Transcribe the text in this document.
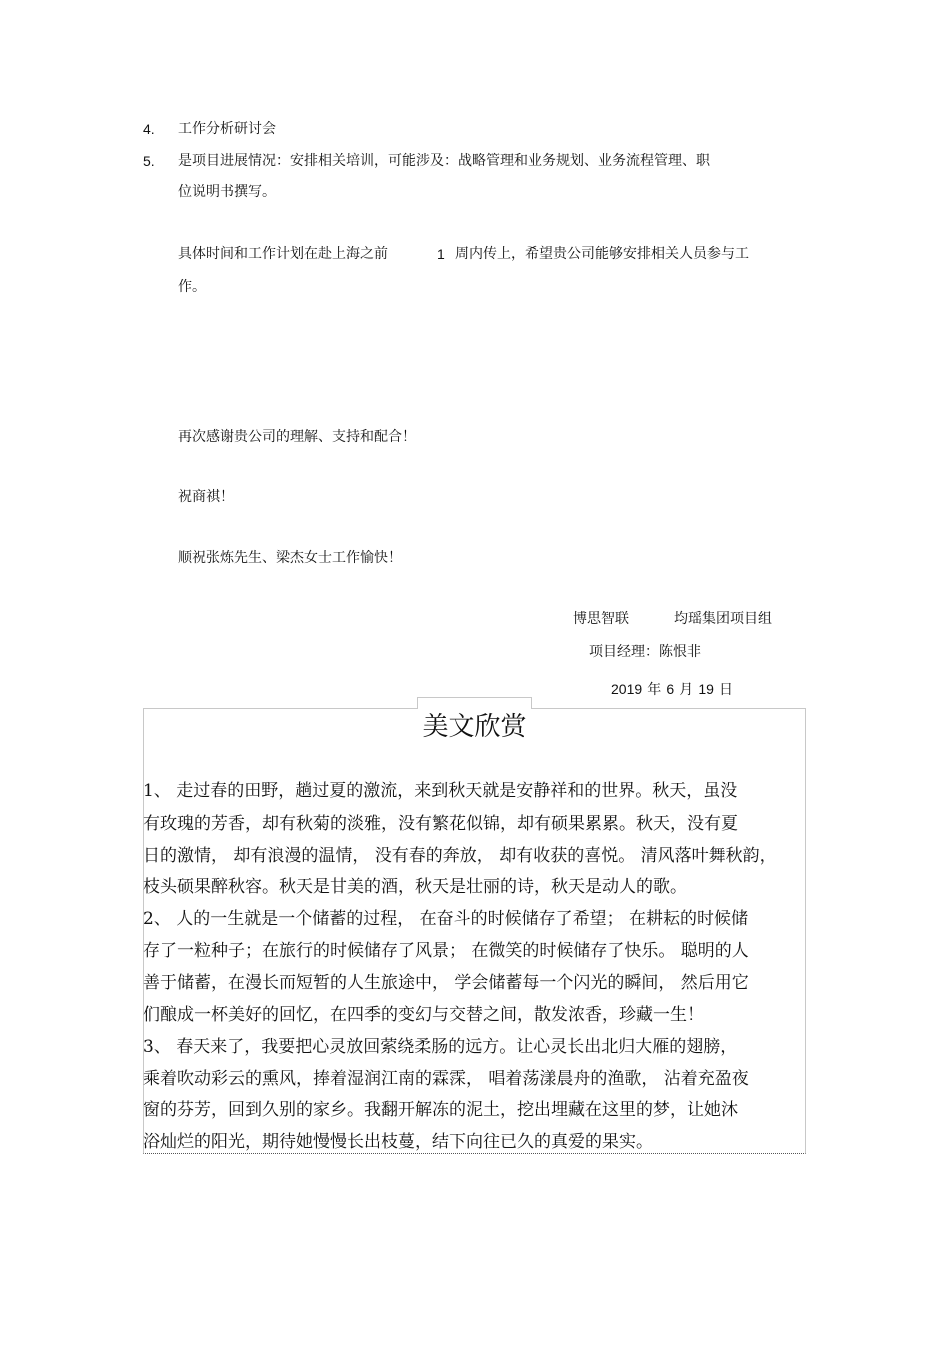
4. 工作分析研讨会
5. 是项目进展情况：安排相关培训，可能涉及：战略管理和业务规划、业务流程管理、职
位说明书撰写。
具体时间和工作计划在赴上海之前	1 周内传上，希望贵公司能够安排相关人员参与工
作。
再次感谢贵公司的理解、支持和配合！
祝商祺！
顺祝张炼先生、梁杰女士工作愉快！
博思智联	均瑶集团项目组
项目经理：陈恨非
2019 年 6 月 19 日
美文欣赏
1、 走过春的田野，趟过夏的激流，来到秋天就是安静祥和的世界。秋天，虽没
有玫瑰的芳香，却有秋菊的淡雅，没有繁花似锦，却有硕果累累。秋天，没有夏
日的激情， 却有浪漫的温情， 没有春的奔放， 却有收获的喜悦。 清风落叶舞秋韵，
枝头硕果醉秋容。秋天是甘美的酒，秋天是壮丽的诗，秋天是动人的歌。
2、 人的一生就是一个储蓄的过程， 在奋斗的时候储存了希望； 在耕耘的时候储
存了一粒种子；在旅行的时候储存了风景； 在微笑的时候储存了快乐。 聪明的人
善于储蓄，在漫长而短暂的人生旅途中， 学会储蓄每一个闪光的瞬间， 然后用它
们酿成一杯美好的回忆，在四季的变幻与交替之间，散发浓香，珍藏一生！
3、 春天来了，我要把心灵放回萦绕柔肠的远方。让心灵长出北归大雁的翅膀，
乘着吹动彩云的熏风，捧着湿润江南的霖霂， 唱着荡漾晨舟的渔歌， 沾着充盈夜
窗的芬芳，回到久别的家乡。我翻开解冻的泥土，挖出埋藏在这里的梦，让她沐
浴灿烂的阳光，期待她慢慢长出枝蔓，结下向往已久的真爱的果实。
